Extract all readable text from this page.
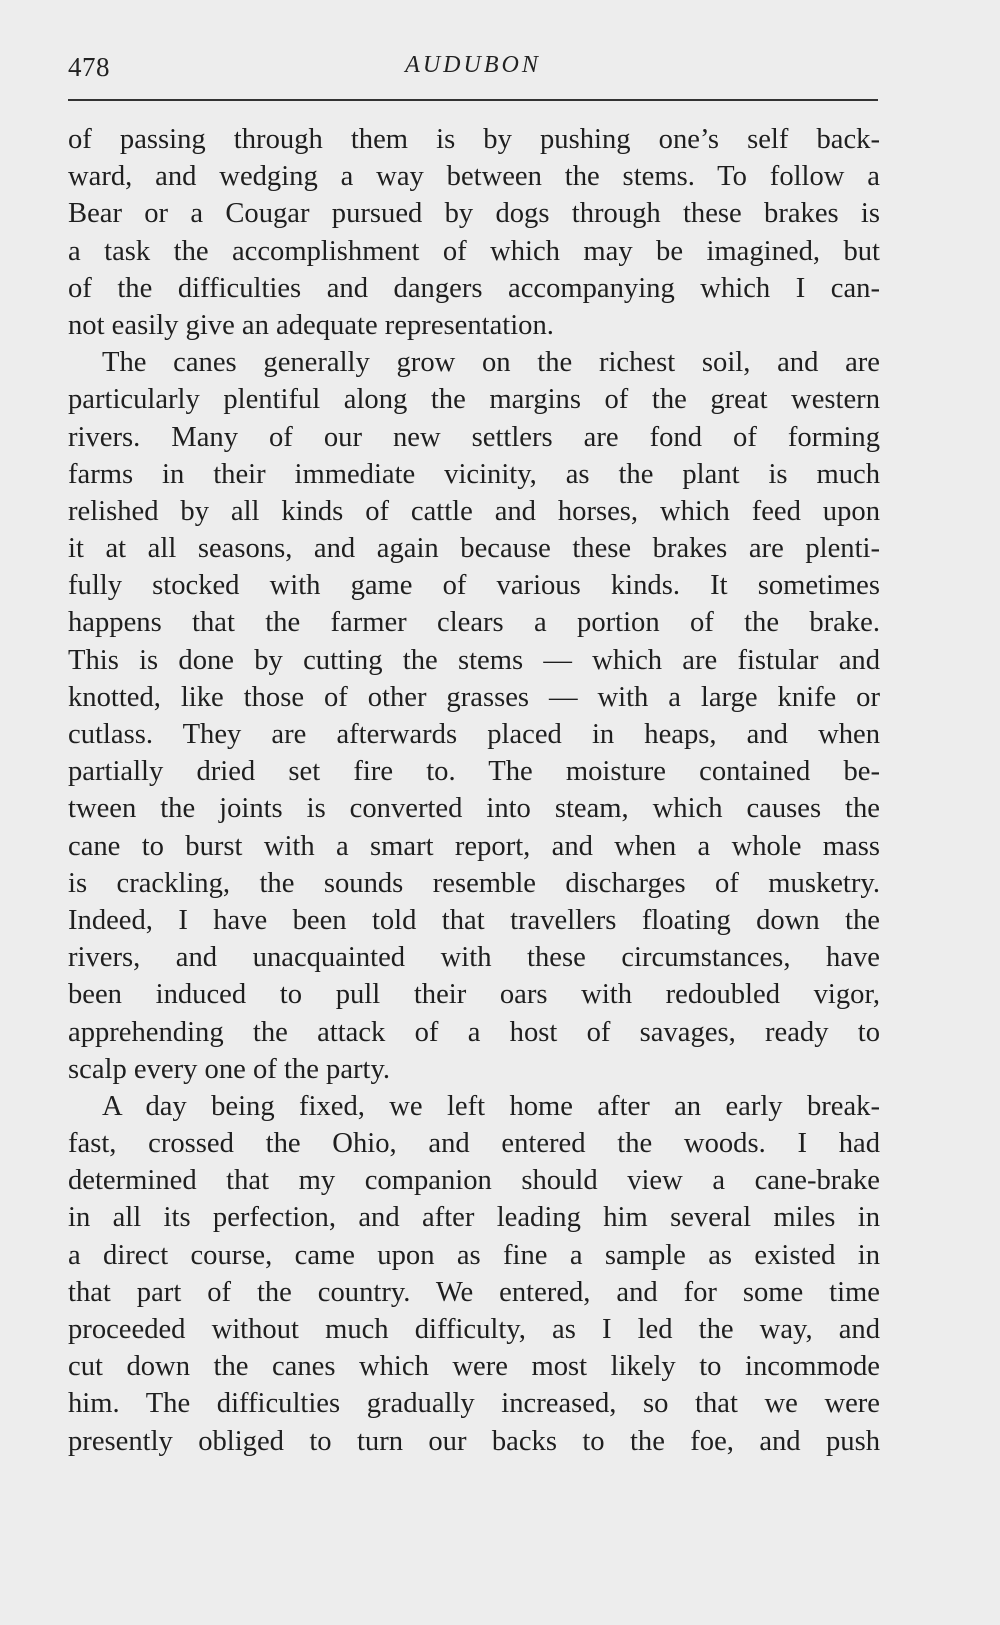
478	AUDUBON
of passing through them is by pushing one’s self back-
ward, and wedging a way between the stems. To follow a
Bear or a Cougar pursued by dogs through these brakes is
a task the accomplishment of which may be imagined, but
of the difficulties and dangers accompanying which I can-
not easily give an adequate representation.
The canes generally grow on the richest soil, and are
particularly plentiful along the margins of the great western
rivers. Many of our new settlers are fond of forming
farms in their immediate vicinity, as the plant is much
relished by all kinds of cattle and horses, which feed upon
it at all seasons, and again because these brakes are plenti-
fully stocked with game of various kinds. It sometimes
happens that the farmer clears a portion of the brake.
This is done by cutting the stems — which are fistular and
knotted, like those of other grasses — with a large knife or
cutlass. They are afterwards placed in heaps, and when
partially dried set fire to. The moisture contained be-
tween the joints is converted into steam, which causes the
cane to burst with a smart report, and when a whole mass
is crackling, the sounds resemble discharges of musketry.
Indeed, I have been told that travellers floating down the
rivers, and unacquainted with these circumstances, have
been induced to pull their oars with redoubled vigor,
apprehending the attack of a host of savages, ready to
scalp every one of the party.
A day being fixed, we left home after an early break-
fast, crossed the Ohio, and entered the woods. I had
determined that my companion should view a cane-brake
in all its perfection, and after leading him several miles in
a direct course, came upon as fine a sample as existed in
that part of the country. We entered, and for some time
proceeded without much difficulty, as I led the way, and
cut down the canes which were most likely to incommode
him. The difficulties gradually increased, so that we were
presently obliged to turn our backs to the foe, and push
